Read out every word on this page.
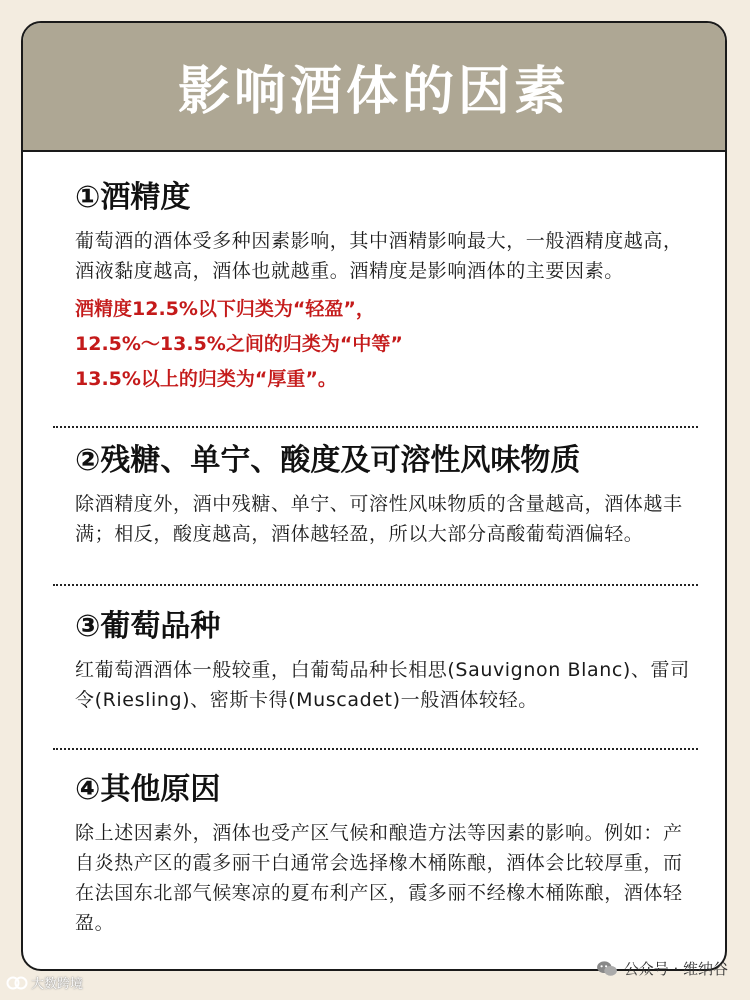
影响酒体的因素
①酒精度
葡萄酒的酒体受多种因素影响，其中酒精影响最大，一般酒精度越高，酒液黏度越高，酒体也就越重。酒精度是影响酒体的主要因素。
酒精度12.5%以下归类为“轻盈”，
12.5%～13.5%之间的归类为“中等”
13.5%以上的归类为“厚重”。
②残糖、单宁、酸度及可溶性风味物质
除酒精度外，酒中残糖、单宁、可溶性风味物质的含量越高，酒体越丰满；相反，酸度越高，酒体越轻盈，所以大部分高酸葡萄酒偏轻。
③葡萄品种
红葡萄酒酒体一般较重，白葡萄品种长相思(Sauvignon Blanc)、雷司令(Riesling)、密斯卡得(Muscadet)一般酒体较轻。
④其他原因
除上述因素外，酒体也受产区气候和酿造方法等因素的影响。例如：产自炎热产区的霞多丽干白通常会选择橡木桶陈酿，酒体会比较厚重，而在法国东北部气候寒凉的夏布利产区，霞多丽不经橡木桶陈酿，酒体轻盈。
大数跨境
公众号 · 维纳谷
